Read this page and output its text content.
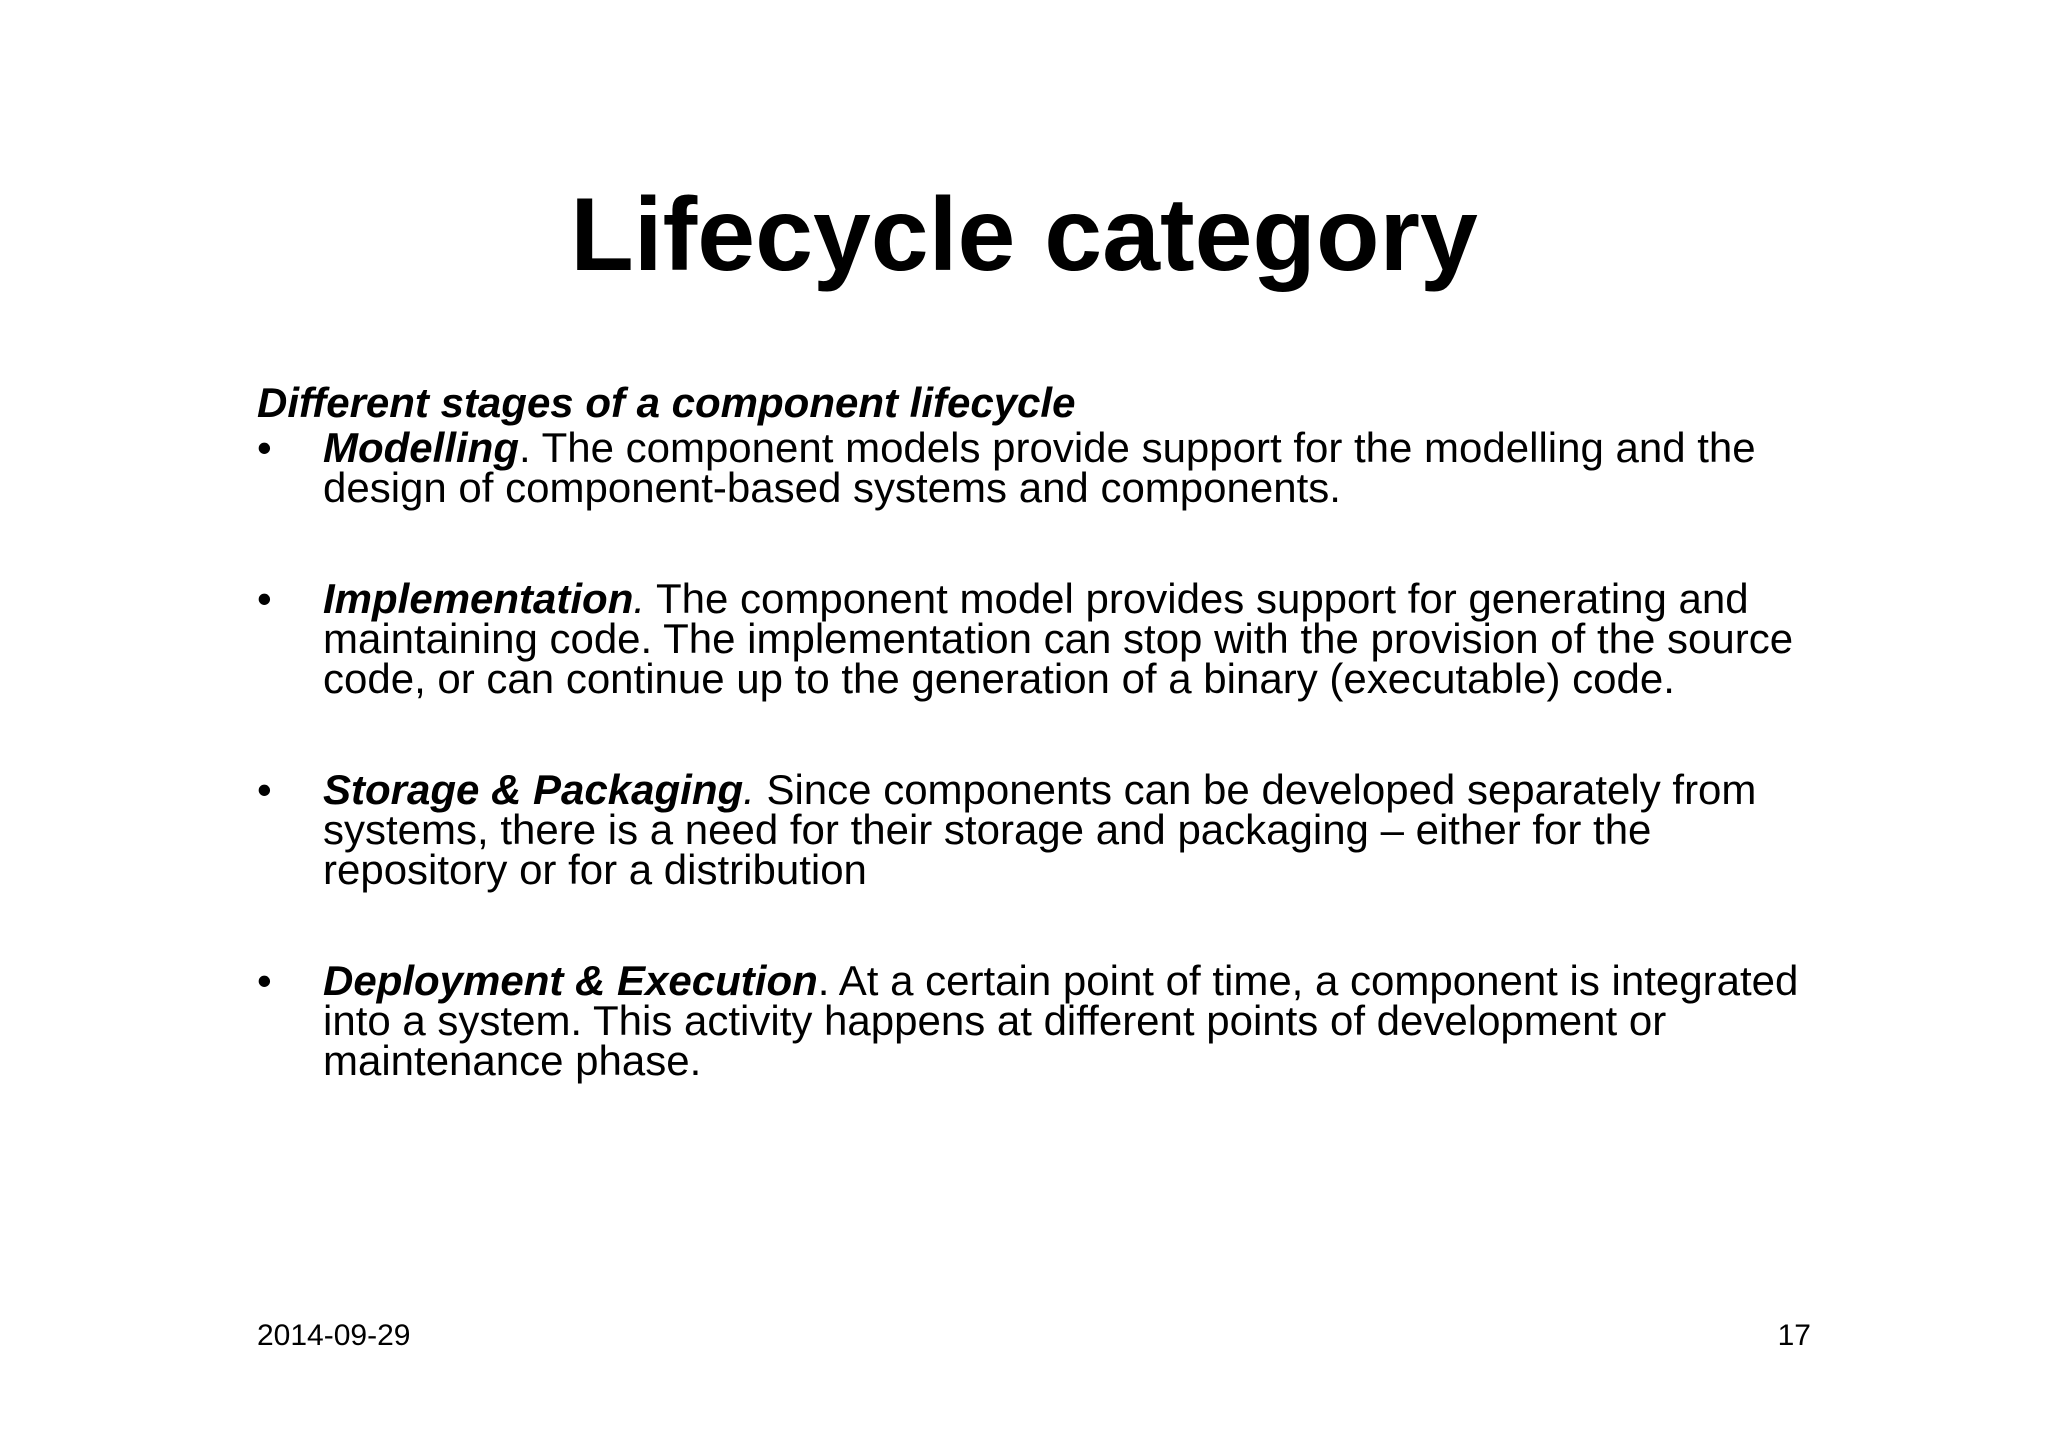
Lifecycle category

Different stages of a component lifecycle

•	Modelling. The component models provide support for the modelling and the design of component-based systems and components.
•	Implementation. The component model provides support for generating and maintaining code. The implementation can stop with the provision of the source code, or can continue up to the generation of a binary (executable) code.
•	Storage & Packaging. Since components can be developed separately from systems, there is a need for their storage and packaging – either for the repository or for a distribution
•	Deployment & Execution. At a certain point of time, a component is integrated into a system. This activity happens at different points of development or maintenance phase.
2014-09-29	17
